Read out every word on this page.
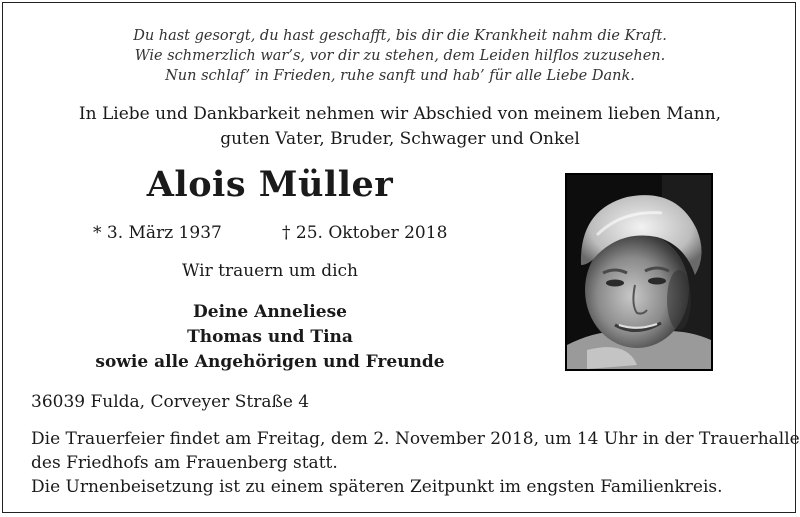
Du hast gesorgt, du hast geschafft, bis dir die Krankheit nahm die Kraft.
Wie schmerzlich war’s, vor dir zu stehen, dem Leiden hilflos zuzusehen.
Nun schlaf’ in Frieden, ruhe sanft und hab’ für alle Liebe Dank.
In Liebe und Dankbarkeit nehmen wir Abschied von meinem lieben Mann,
guten Vater, Bruder, Schwager und Onkel
Alois Müller
* 3. März 1937	† 25. Oktober 2018
Wir trauern um dich
Deine Anneliese
Thomas und Tina
sowie alle Angehörigen und Freunde
36039 Fulda, Corveyer Straße 4
Die Trauerfeier findet am Freitag, dem 2. November 2018, um 14 Uhr in der Trauerhalle
des Friedhofs am Frauenberg statt.
Die Urnenbeisetzung ist zu einem späteren Zeitpunkt im engsten Familienkreis.
